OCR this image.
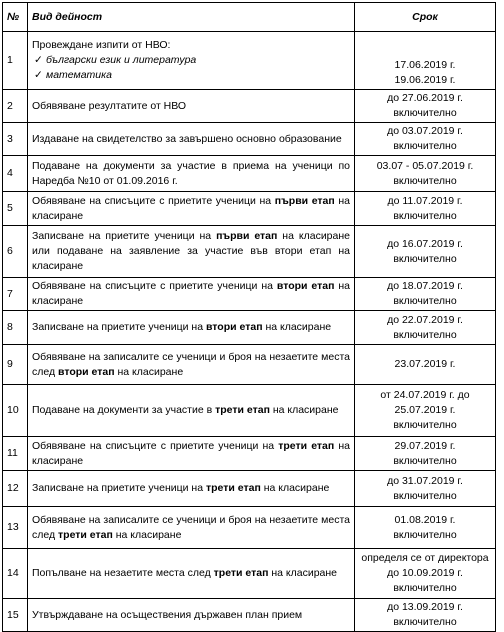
№	Вид дейност	Срок
1	Провеждане изпити от НВО:
✓ български език и литература
✓ математика	17.06.2019 г.
19.06.2019 г.

2	Обявяване резултатите от НВО	до 27.06.2019 г.
включително

3	Издаване на свидетелство за завършено основно образование	до 03.07.2019 г.
включително

4	Подаване на документи за участие в приема на ученици по Наредба №10 от 01.09.2016 г.	03.07 - 05.07.2019 г.
включително

5	Обявяване на списъците с приетите ученици на първи етап на класиране	до 11.07.2019 г.
включително

6	Записване на приетите ученици на първи етап на класиране или подаване на заявление за участие във втори етап на класиране	до 16.07.2019 г.
включително

7	Обявяване на списъците с приетите ученици на втори етап на класиране	до 18.07.2019 г.
включително

8	Записване на приетите ученици на втори етап на класиране	до 22.07.2019 г.
включително

9	Обявяване на записалите се ученици и броя на незаетите места след втори етап на класиране	23.07.2019 г.

10	Подаване на документи за участие в трети етап на класиране	от 24.07.2019 г. до
25.07.2019 г.
включително

11	Обявяване на списъците с приетите ученици на трети етап на класиране	29.07.2019 г.
включително

12	Записване на приетите ученици на трети етап на класиране	до 31.07.2019 г.
включително

13	Обявяване на записалите се ученици и броя на незаетите места след трети етап на класиране	01.08.2019 г.
включително

14	Попълване на незаетите места след трети етап на класиране	определя се от директора
до 10.09.2019 г.
включително

15	Утвърждаване на осъществения държавен план прием	до 13.09.2019 г.
включително
